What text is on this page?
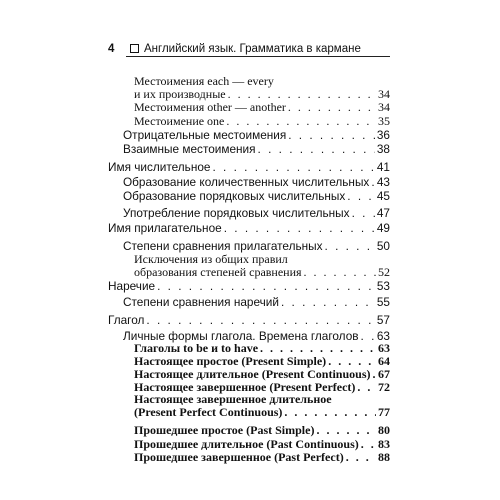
4	Английский язык. Грамматика в кармане
Местоимения each — every
и их производные . . .	34
Местоимения other — another . . .	34
Местоимение one . . .	35
Отрицательные местоимения . . .	36
Взаимные местоимения . . .	38
Имя числительное . . .	41
Образование количественных числительных . . . 43
Образование порядковых числительных . . .	45
Употребление порядковых числительных . . . 47
Имя прилагательное . . .	49
Степени сравнения прилагательных . . .	50
Исключения из общих правил
образования степеней сравнения . . .	52
Наречие . . .	53
Степени сравнения наречий . . .	55
Глагол . . .	57
Личные формы глагола. Времена глаголов . . . 63
Глаголы to be и to have . . .	63
Настоящее простое (Present Simple) . . .	64
Настоящее длительное (Present Continuous) . . . 67
Настоящее завершенное (Present Perfect) . . . 72
Настоящее завершенное длительное
(Present Perfect Continuous) . . .	77
Прошедшее простое (Past Simple) . . .	80
Прошедшее длительное (Past Continuous) . . . 83
Прошедшее завершенное (Past Perfect) . . .	88
